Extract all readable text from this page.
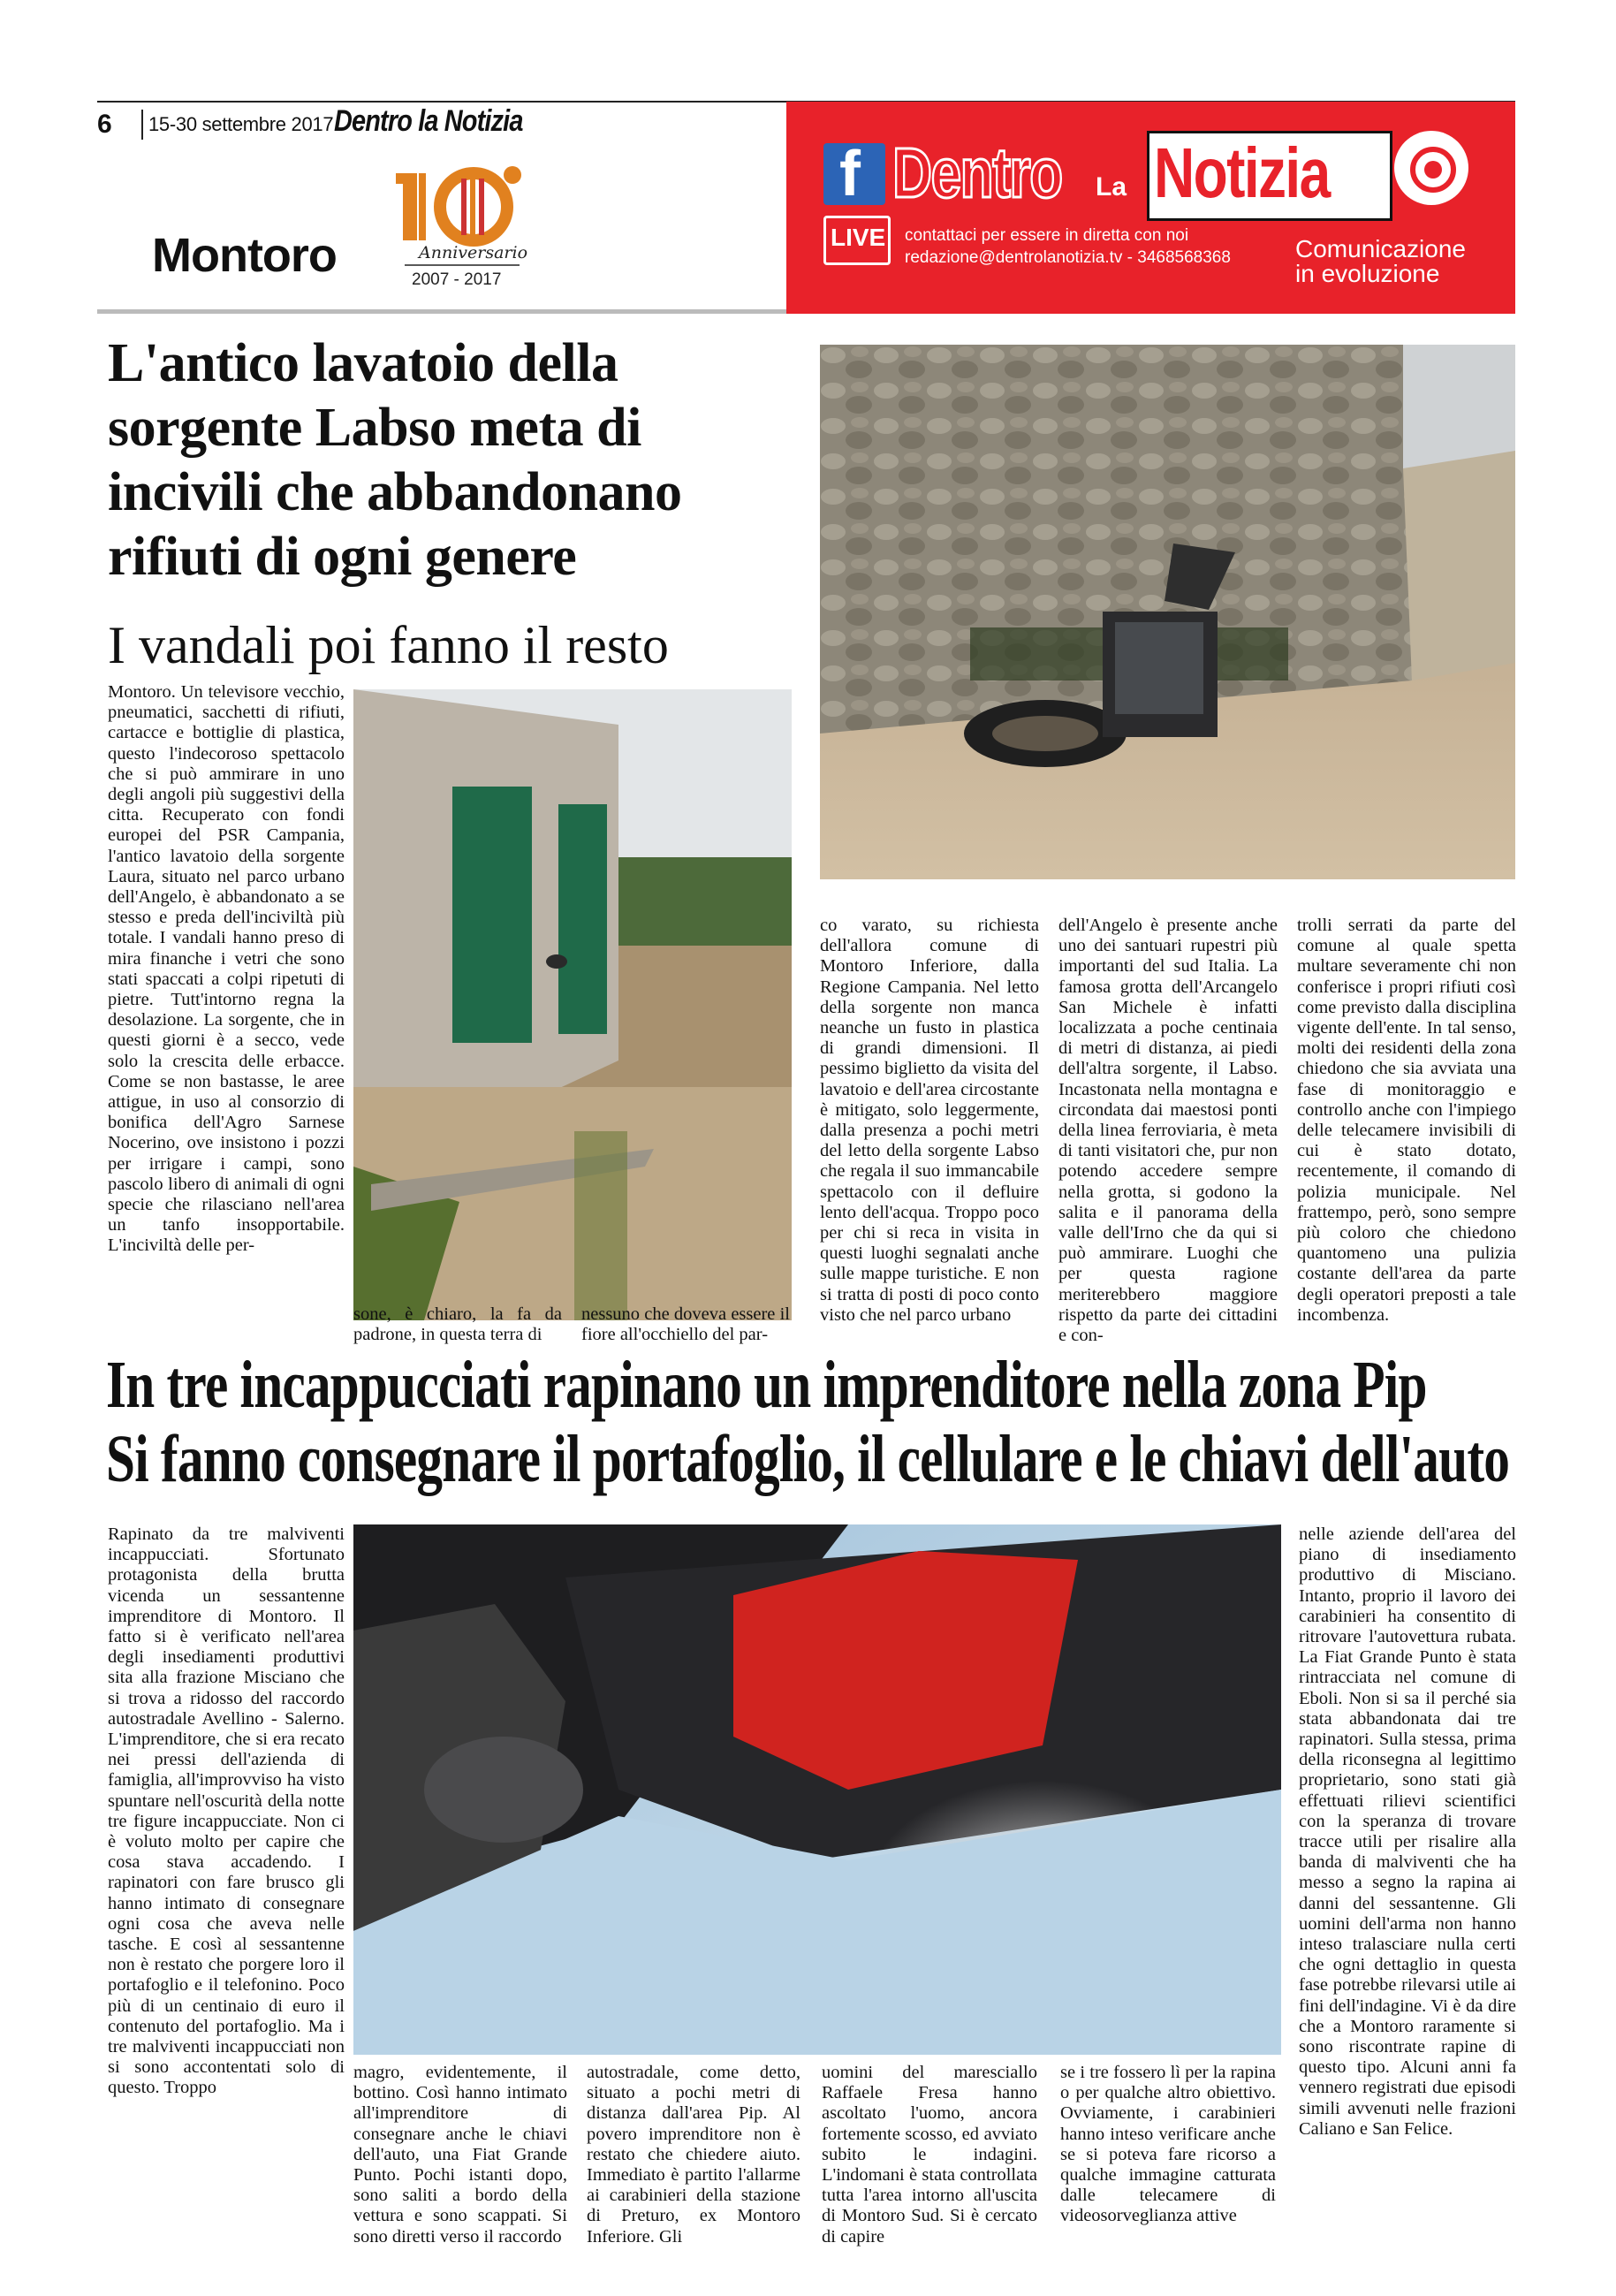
6 15-30 settembre 2017 Dentro la Notizia
Anniversario
2007 - 2017
Montoro
f Dentro La Notizia
LIVE contattaci per essere in diretta con noi
redazione@dentrolanotizia.tv - 3468568368	Comunicazione
in evoluzione
L'antico lavatoio della
sorgente Labso meta di
incivili che abbandonano
rifiuti di ogni genere
I vandali poi fanno il resto
Montoro. Un televisore vecchio, pneumatici, sacchetti di rifiuti, cartacce e bottiglie di plastica, questo l'indecoroso spettacolo che si può ammirare in uno degli angoli più suggestivi della citta. Recuperato con fondi europei del PSR Campania, l'antico lavatoio della sorgente Laura, situato nel parco urbano dell'Angelo, è abbandonato a se stesso e preda dell'inciviltà più totale. I vandali hanno preso di mira finanche i vetri che sono stati spaccati a colpi ripetuti di pietre. Tutt'intorno regna la desolazione. La sorgente, che in questi giorni è a secco, vede solo la crescita delle erbacce. Come se non bastasse, le aree attigue, in uso al consorzio di bonifica dell'Agro Sarnese Nocerino, ove insistono i pozzi per irrigare i campi, sono pascolo libero di animali di ogni specie che rilasciano nell'area un tanfo insopportabile. L'inciviltà delle per-
sone, è chiaro, la fa da padrone, in questa terra di
nessuno che doveva essere il fiore all'occhiello del par-
co varato, su richiesta dell'allora comune di Montoro Inferiore, dalla Regione Campania. Nel letto della sorgente non manca neanche un fusto in plastica di grandi dimensioni. Il pessimo biglietto da visita del lavatoio e dell'area circostante è mitigato, solo leggermente, dalla presenza a pochi metri del letto della sorgente Labso che regala il suo immancabile spettacolo con il defluire lento dell'acqua. Troppo poco per chi si reca in visita in questi luoghi segnalati anche sulle mappe turistiche. E non si tratta di posti di poco conto visto che nel parco urbano
dell'Angelo è presente anche uno dei santuari rupestri più importanti del sud Italia. La famosa grotta dell'Arcangelo San Michele è infatti localizzata a poche centinaia di metri di distanza, ai piedi dell'altra sorgente, il Labso. Incastonata nella montagna e circondata dai maestosi ponti della linea ferroviaria, è meta di tanti visitatori che, pur non potendo accedere sempre nella grotta, si godono la salita e il panorama della valle dell'Irno che da qui si può ammirare. Luoghi che per questa ragione meriterebbero maggiore rispetto da parte dei cittadini e con-
trolli serrati da parte del comune al quale spetta multare severamente chi non conferisce i propri rifiuti così come previsto dalla disciplina vigente dell'ente. In tal senso, molti dei residenti della zona chiedono che sia avviata una fase di monitoraggio e controllo anche con l'impiego delle telecamere invisibili di cui è stato dotato, recentemente, il comando di polizia municipale. Nel frattempo, però, sono sempre più coloro che chiedono quantomeno una pulizia costante dell'area da parte degli operatori preposti a tale incombenza.
In tre incappucciati rapinano un imprenditore nella zona Pip
Si fanno consegnare il portafoglio, il cellulare e le chiavi dell'auto
Rapinato da tre malviventi incappucciati. Sfortunato protagonista della brutta vicenda un sessantenne imprenditore di Montoro. Il fatto si è verificato nell'area degli insediamenti produttivi sita alla frazione Misciano che si trova a ridosso del raccordo autostradale Avellino - Salerno. L'imprenditore, che si era recato nei pressi dell'azienda di famiglia, all'improvviso ha visto spuntare nell'oscurità della notte tre figure incappucciate. Non ci è voluto molto per capire che cosa stava accadendo. I rapinatori con fare brusco gli hanno intimato di consegnare ogni cosa che aveva nelle tasche. E così al sessantenne non è restato che porgere loro il portafoglio e il telefonino. Poco più di un centinaio di euro il contenuto del portafoglio. Ma i tre malviventi incappucciati non si sono accontentati solo di questo. Troppo
magro, evidentemente, il bottino. Così hanno intimato all'imprenditore di consegnare anche le chiavi dell'auto, una Fiat Grande Punto. Pochi istanti dopo, sono saliti a bordo della vettura e sono scappati. Si sono diretti verso il raccordo
autostradale, come detto, situato a pochi metri di distanza dall'area Pip. Al povero imprenditore non è restato che chiedere aiuto. Immediato è partito l'allarme ai carabinieri della stazione di Preturo, ex Montoro Inferiore. Gli
uomini del maresciallo Raffaele Fresa hanno ascoltato l'uomo, ancora fortemente scosso, ed avviato subito le indagini. L'indomani è stata controllata tutta l'area intorno all'uscita di Montoro Sud. Si è cercato di capire
se i tre fossero lì per la rapina o per qualche altro obiettivo. Ovviamente, i carabinieri hanno inteso verificare anche se si poteva fare ricorso a qualche immagine catturata dalle telecamere di videosorveglianza attive
nelle aziende dell'area del piano di insediamento produttivo di Misciano. Intanto, proprio il lavoro dei carabinieri ha consentito di ritrovare l'autovettura rubata. La Fiat Grande Punto è stata rintracciata nel comune di Eboli. Non si sa il perché sia stata abbandonata dai tre rapinatori. Sulla stessa, prima della riconsegna al legittimo proprietario, sono stati già effettuati rilievi scientifici con la speranza di trovare tracce utili per risalire alla banda di malviventi che ha messo a segno la rapina ai danni del sessantenne. Gli uomini dell'arma non hanno inteso tralasciare nulla certi che ogni dettaglio in questa fase potrebbe rilevarsi utile ai fini dell'indagine. Vi è da dire che a Montoro raramente si sono riscontrate rapine di questo tipo. Alcuni anni fa vennero registrati due episodi simili avvenuti nelle frazioni Caliano e San Felice.
